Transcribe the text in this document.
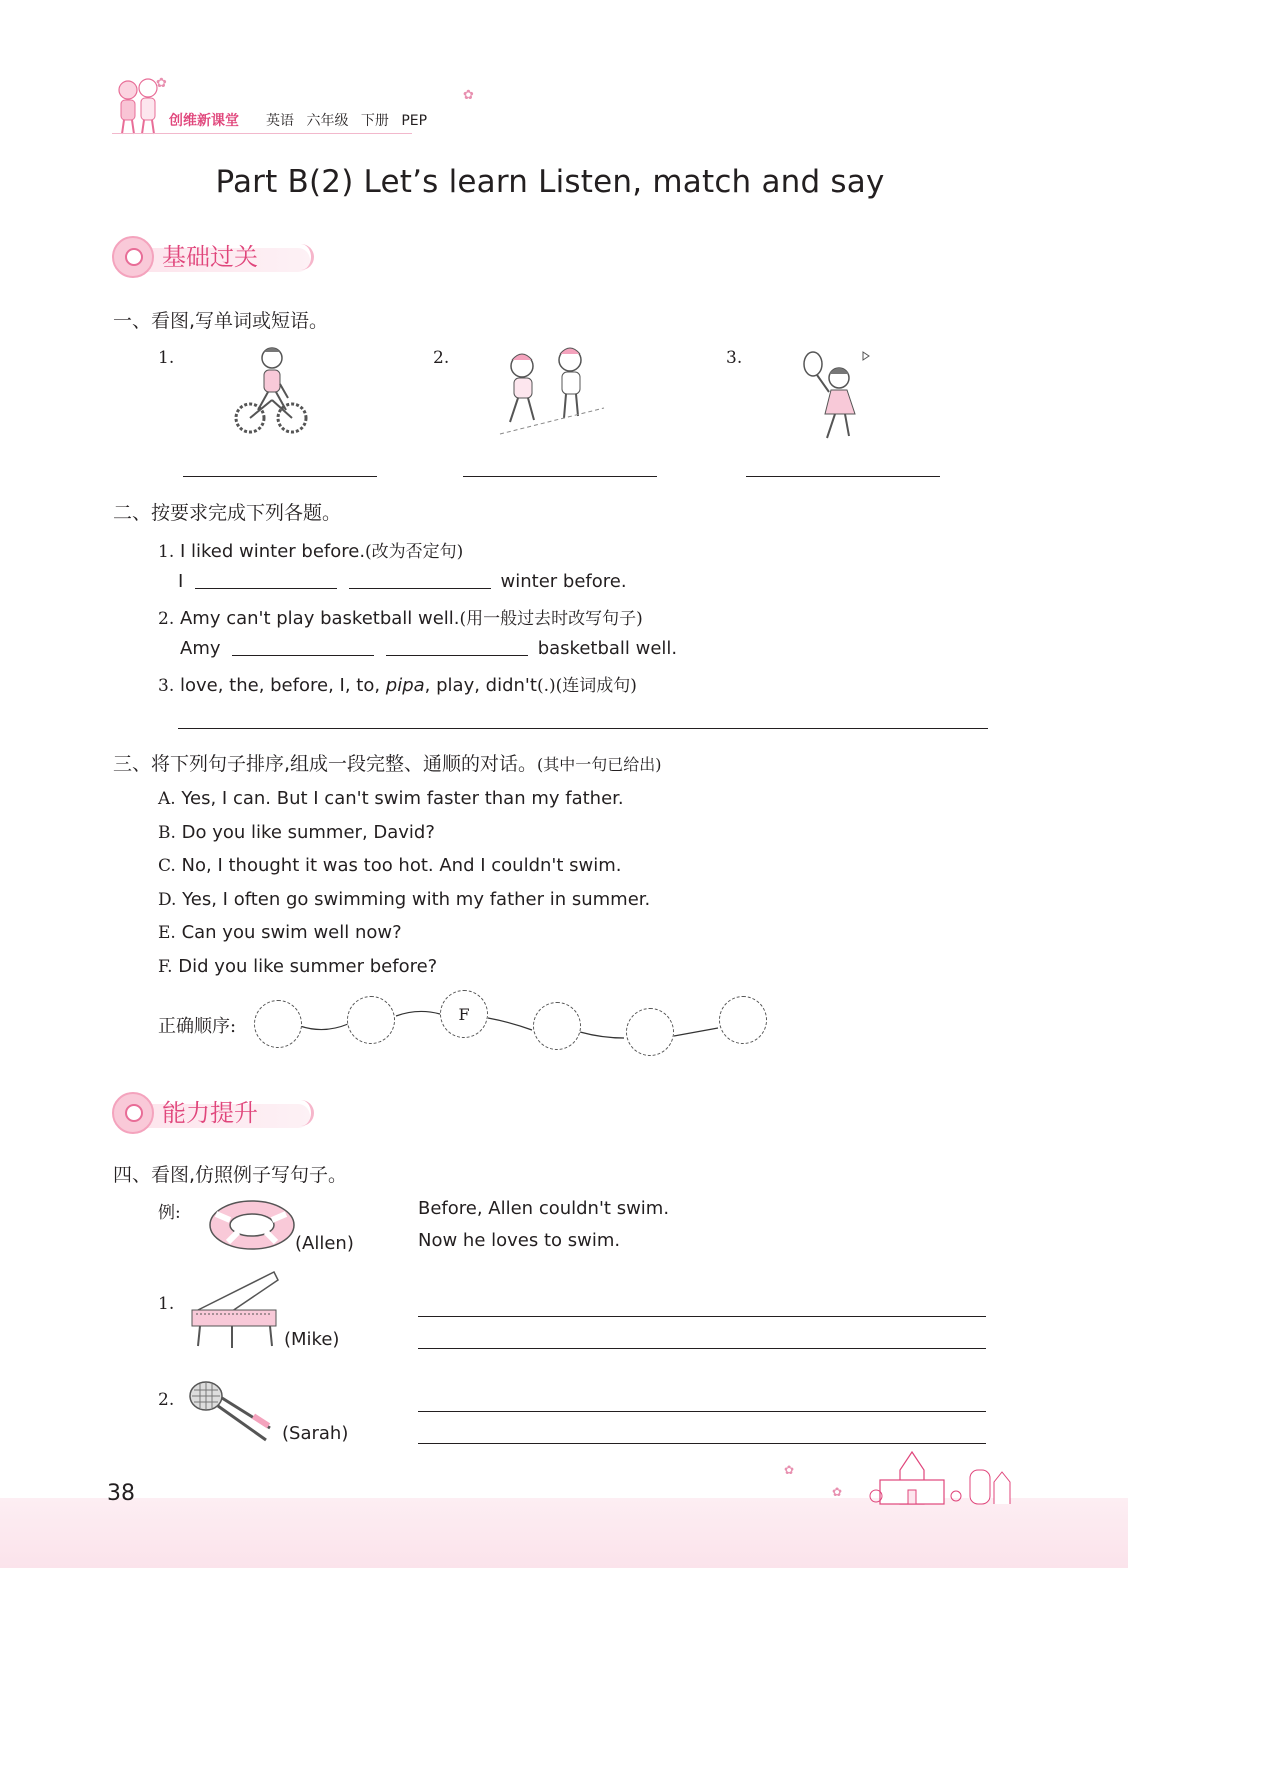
✿
✿
创维新课堂 英语 六年级 下册 PEP
Part B(2) Let’s learn Listen, match and say
基础过关
一、看图,写单词或短语。
1.	2.	3.
二、按要求完成下列各题。
1. I liked winter before.(改为否定句)
I	winter before.
2. Amy can't play basketball well.(用一般过去时改写句子)
Amy	basketball well.
3. love, the, before, I, to, pipa, play, didn't(.)(连词成句)
三、将下列句子排序,组成一段完整、通顺的对话。(其中一句已给出)
A. Yes, I can. But I can't swim faster than my father.
B. Do you like summer, David?
C. No, I thought it was too hot. And I couldn't swim.
D. Yes, I often go swimming with my father in summer.
E. Can you swim well now?
F. Did you like summer before?
正确顺序:
F
能力提升
四、看图,仿照例子写句子。
例:
(Allen)
Before, Allen couldn't swim.
Now he loves to swim.
1.
(Mike)
2.
(Sarah)
38
✿
✿
